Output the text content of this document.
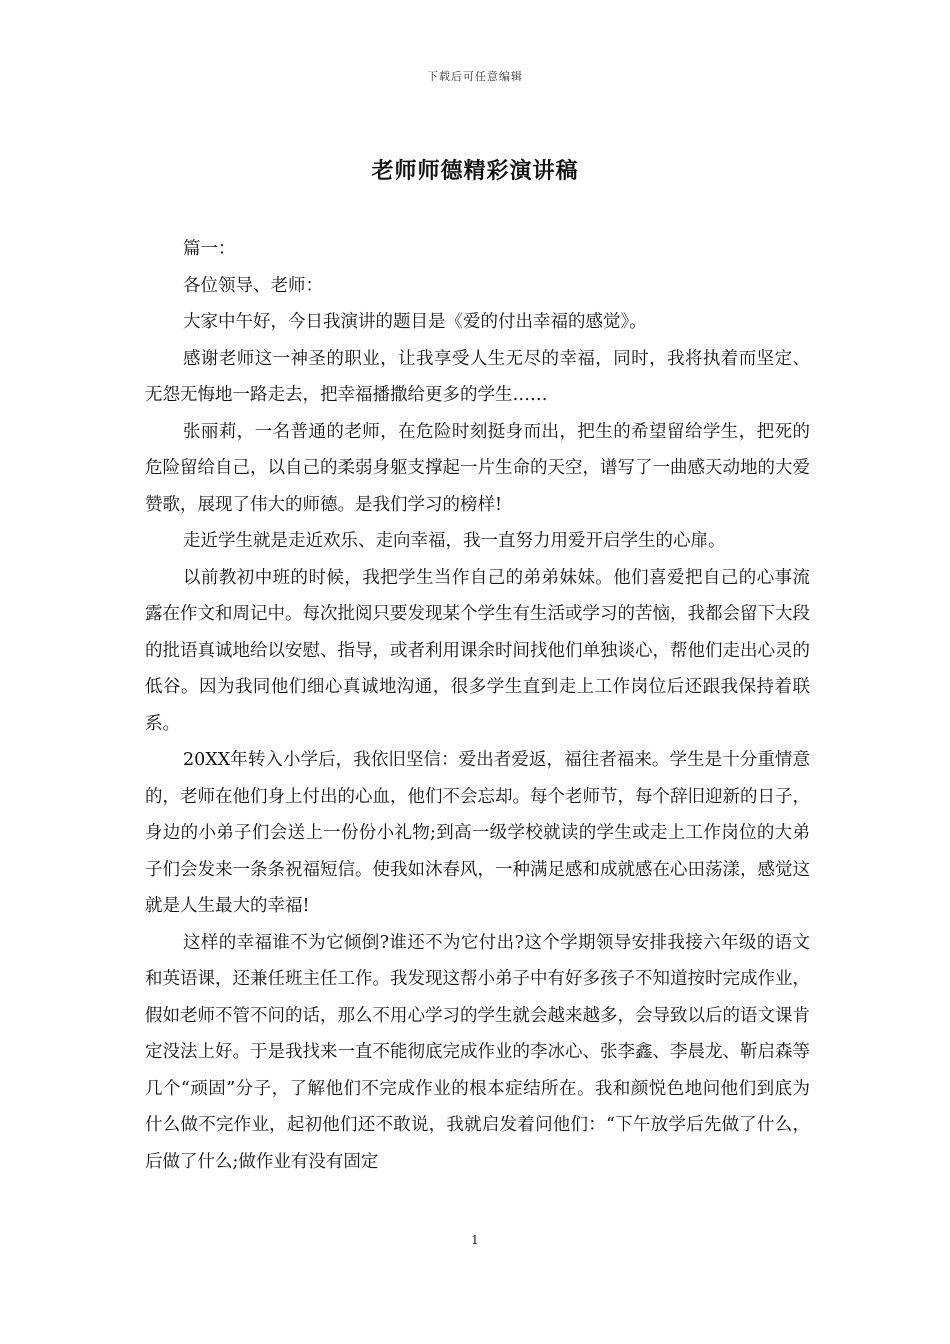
下载后可任意编辑
老师师德精彩演讲稿

篇一：

各位领导、老师：

大家中午好，今日我演讲的题目是《爱的付出幸福的感觉》。

感谢老师这一神圣的职业，让我享受人生无尽的幸福，同时，我将执着而坚定、无怨无悔地一路走去，把幸福播撒给更多的学生……

张丽莉，一名普通的老师，在危险时刻挺身而出，把生的希望留给学生，把死的危险留给自己，以自己的柔弱身躯支撑起一片生命的天空，谱写了一曲感天动地的大爱赞歌，展现了伟大的师德。是我们学习的榜样!

走近学生就是走近欢乐、走向幸福，我一直努力用爱开启学生的心扉。

以前教初中班的时候，我把学生当作自己的弟弟妹妹。他们喜爱把自己的心事流露在作文和周记中。每次批阅只要发现某个学生有生活或学习的苦恼，我都会留下大段的批语真诚地给以安慰、指导，或者利用课余时间找他们单独谈心，帮他们走出心灵的低谷。因为我同他们细心真诚地沟通，很多学生直到走上工作岗位后还跟我保持着联系。

20XX年转入小学后，我依旧坚信：爱出者爱返，福往者福来。学生是十分重情意的，老师在他们身上付出的心血，他们不会忘却。每个老师节，每个辞旧迎新的日子，身边的小弟子们会送上一份份小礼物;到高一级学校就读的学生或走上工作岗位的大弟子们会发来一条条祝福短信。使我如沐春风，一种满足感和成就感在心田荡漾，感觉这就是人生最大的幸福!

这样的幸福谁不为它倾倒?谁还不为它付出?这个学期领导安排我接六年级的语文和英语课，还兼任班主任工作。我发现这帮小弟子中有好多孩子不知道按时完成作业，假如老师不管不问的话，那么不用心学习的学生就会越来越多，会导致以后的语文课肯定没法上好。于是我找来一直不能彻底完成作业的李冰心、张李鑫、李晨龙、靳启森等几个“顽固”分子，了解他们不完成作业的根本症结所在。我和颜悦色地问他们到底为什么做不完作业，起初他们还不敢说，我就启发着问他们：“下午放学后先做了什么，后做了什么;做作业有没有固定

1
